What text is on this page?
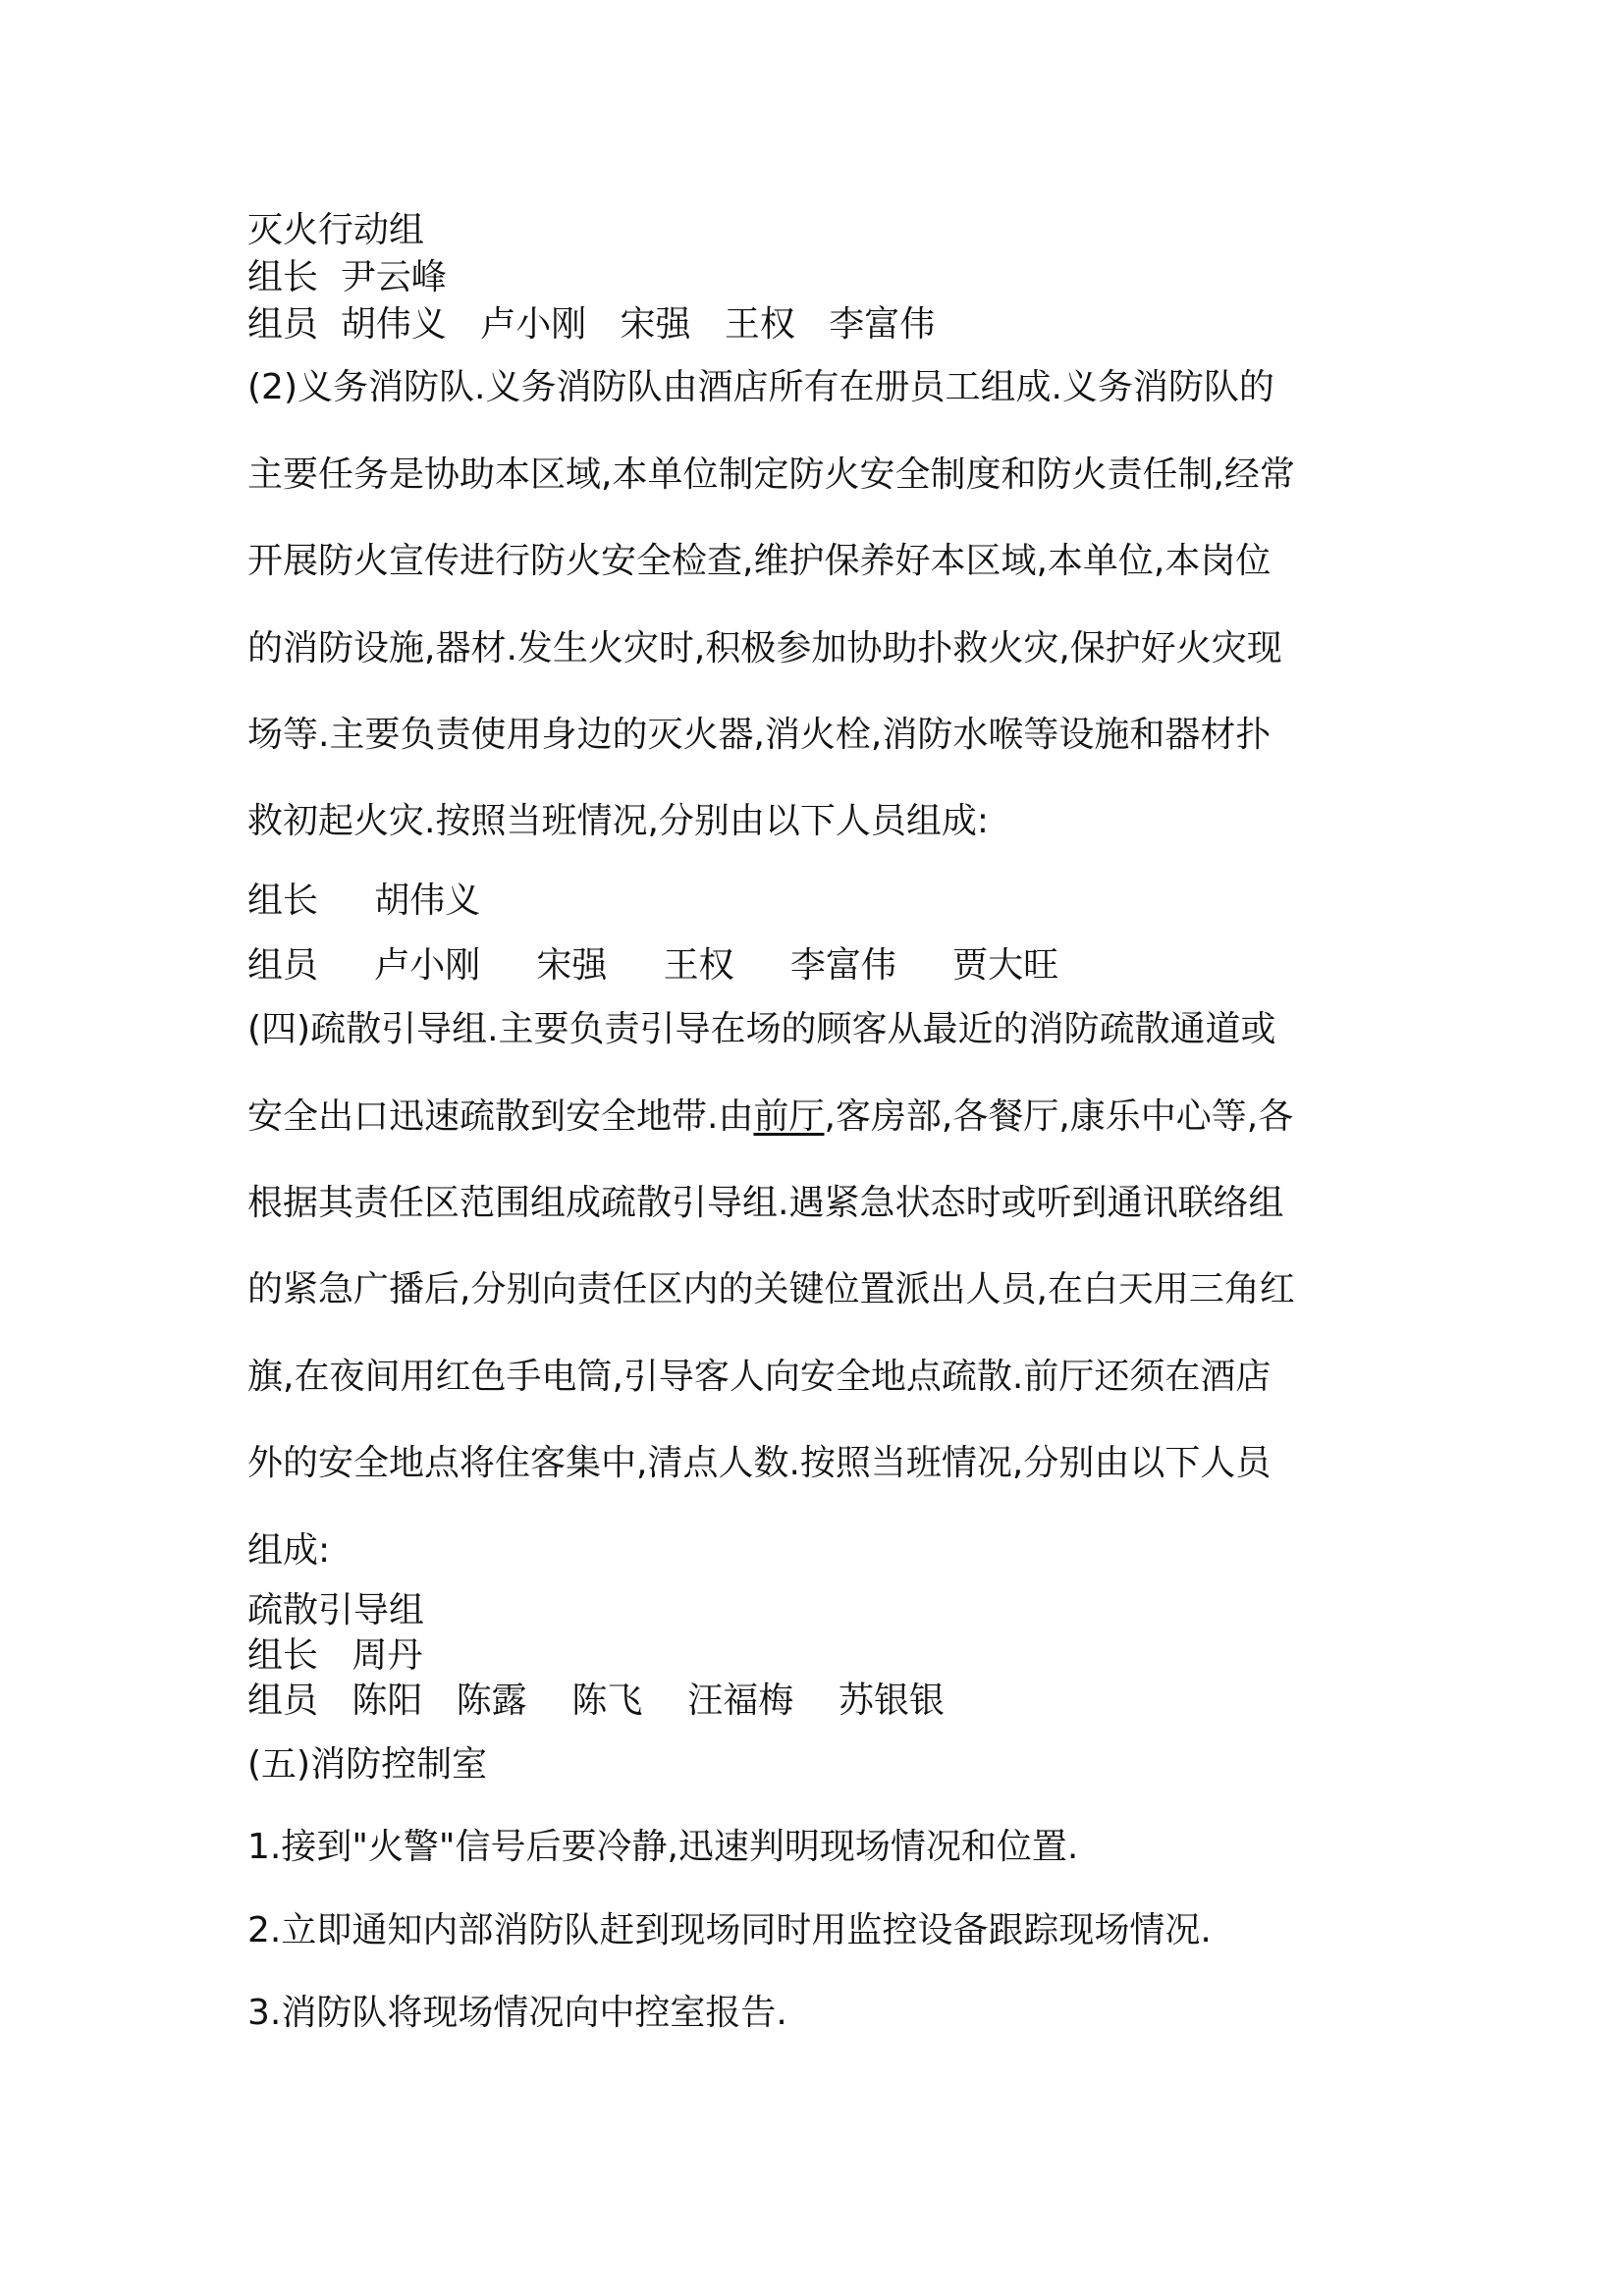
灭火行动组
组长  尹云峰
组员  胡伟义   卢小刚   宋强   王权   李富伟
(2)义务消防队.义务消防队由酒店所有在册员工组成.义务消防队的
主要任务是协助本区域,本单位制定防火安全制度和防火责任制,经常
开展防火宣传进行防火安全检查,维护保养好本区域,本单位,本岗位
的消防设施,器材.发生火灾时,积极参加协助扑救火灾,保护好火灾现
场等.主要负责使用身边的灭火器,消火栓,消防水喉等设施和器材扑
救初起火灾.按照当班情况,分别由以下人员组成:
组长     胡伟义
组员     卢小刚     宋强     王权     李富伟     贾大旺
(四)疏散引导组.主要负责引导在场的顾客从最近的消防疏散通道或
安全出口迅速疏散到安全地带.由前厅,客房部,各餐厅,康乐中心等,各
根据其责任区范围组成疏散引导组.遇紧急状态时或听到通讯联络组
的紧急广播后,分别向责任区内的关键位置派出人员,在白天用三角红
旗,在夜间用红色手电筒,引导客人向安全地点疏散.前厅还须在酒店
外的安全地点将住客集中,清点人数.按照当班情况,分别由以下人员
组成:
疏散引导组
组长   周丹
组员   陈阳   陈露    陈飞    汪福梅    苏银银
(五)消防控制室
1.接到"火警"信号后要冷静,迅速判明现场情况和位置.
2.立即通知内部消防队赶到现场同时用监控设备跟踪现场情况.
3.消防队将现场情况向中控室报告.
